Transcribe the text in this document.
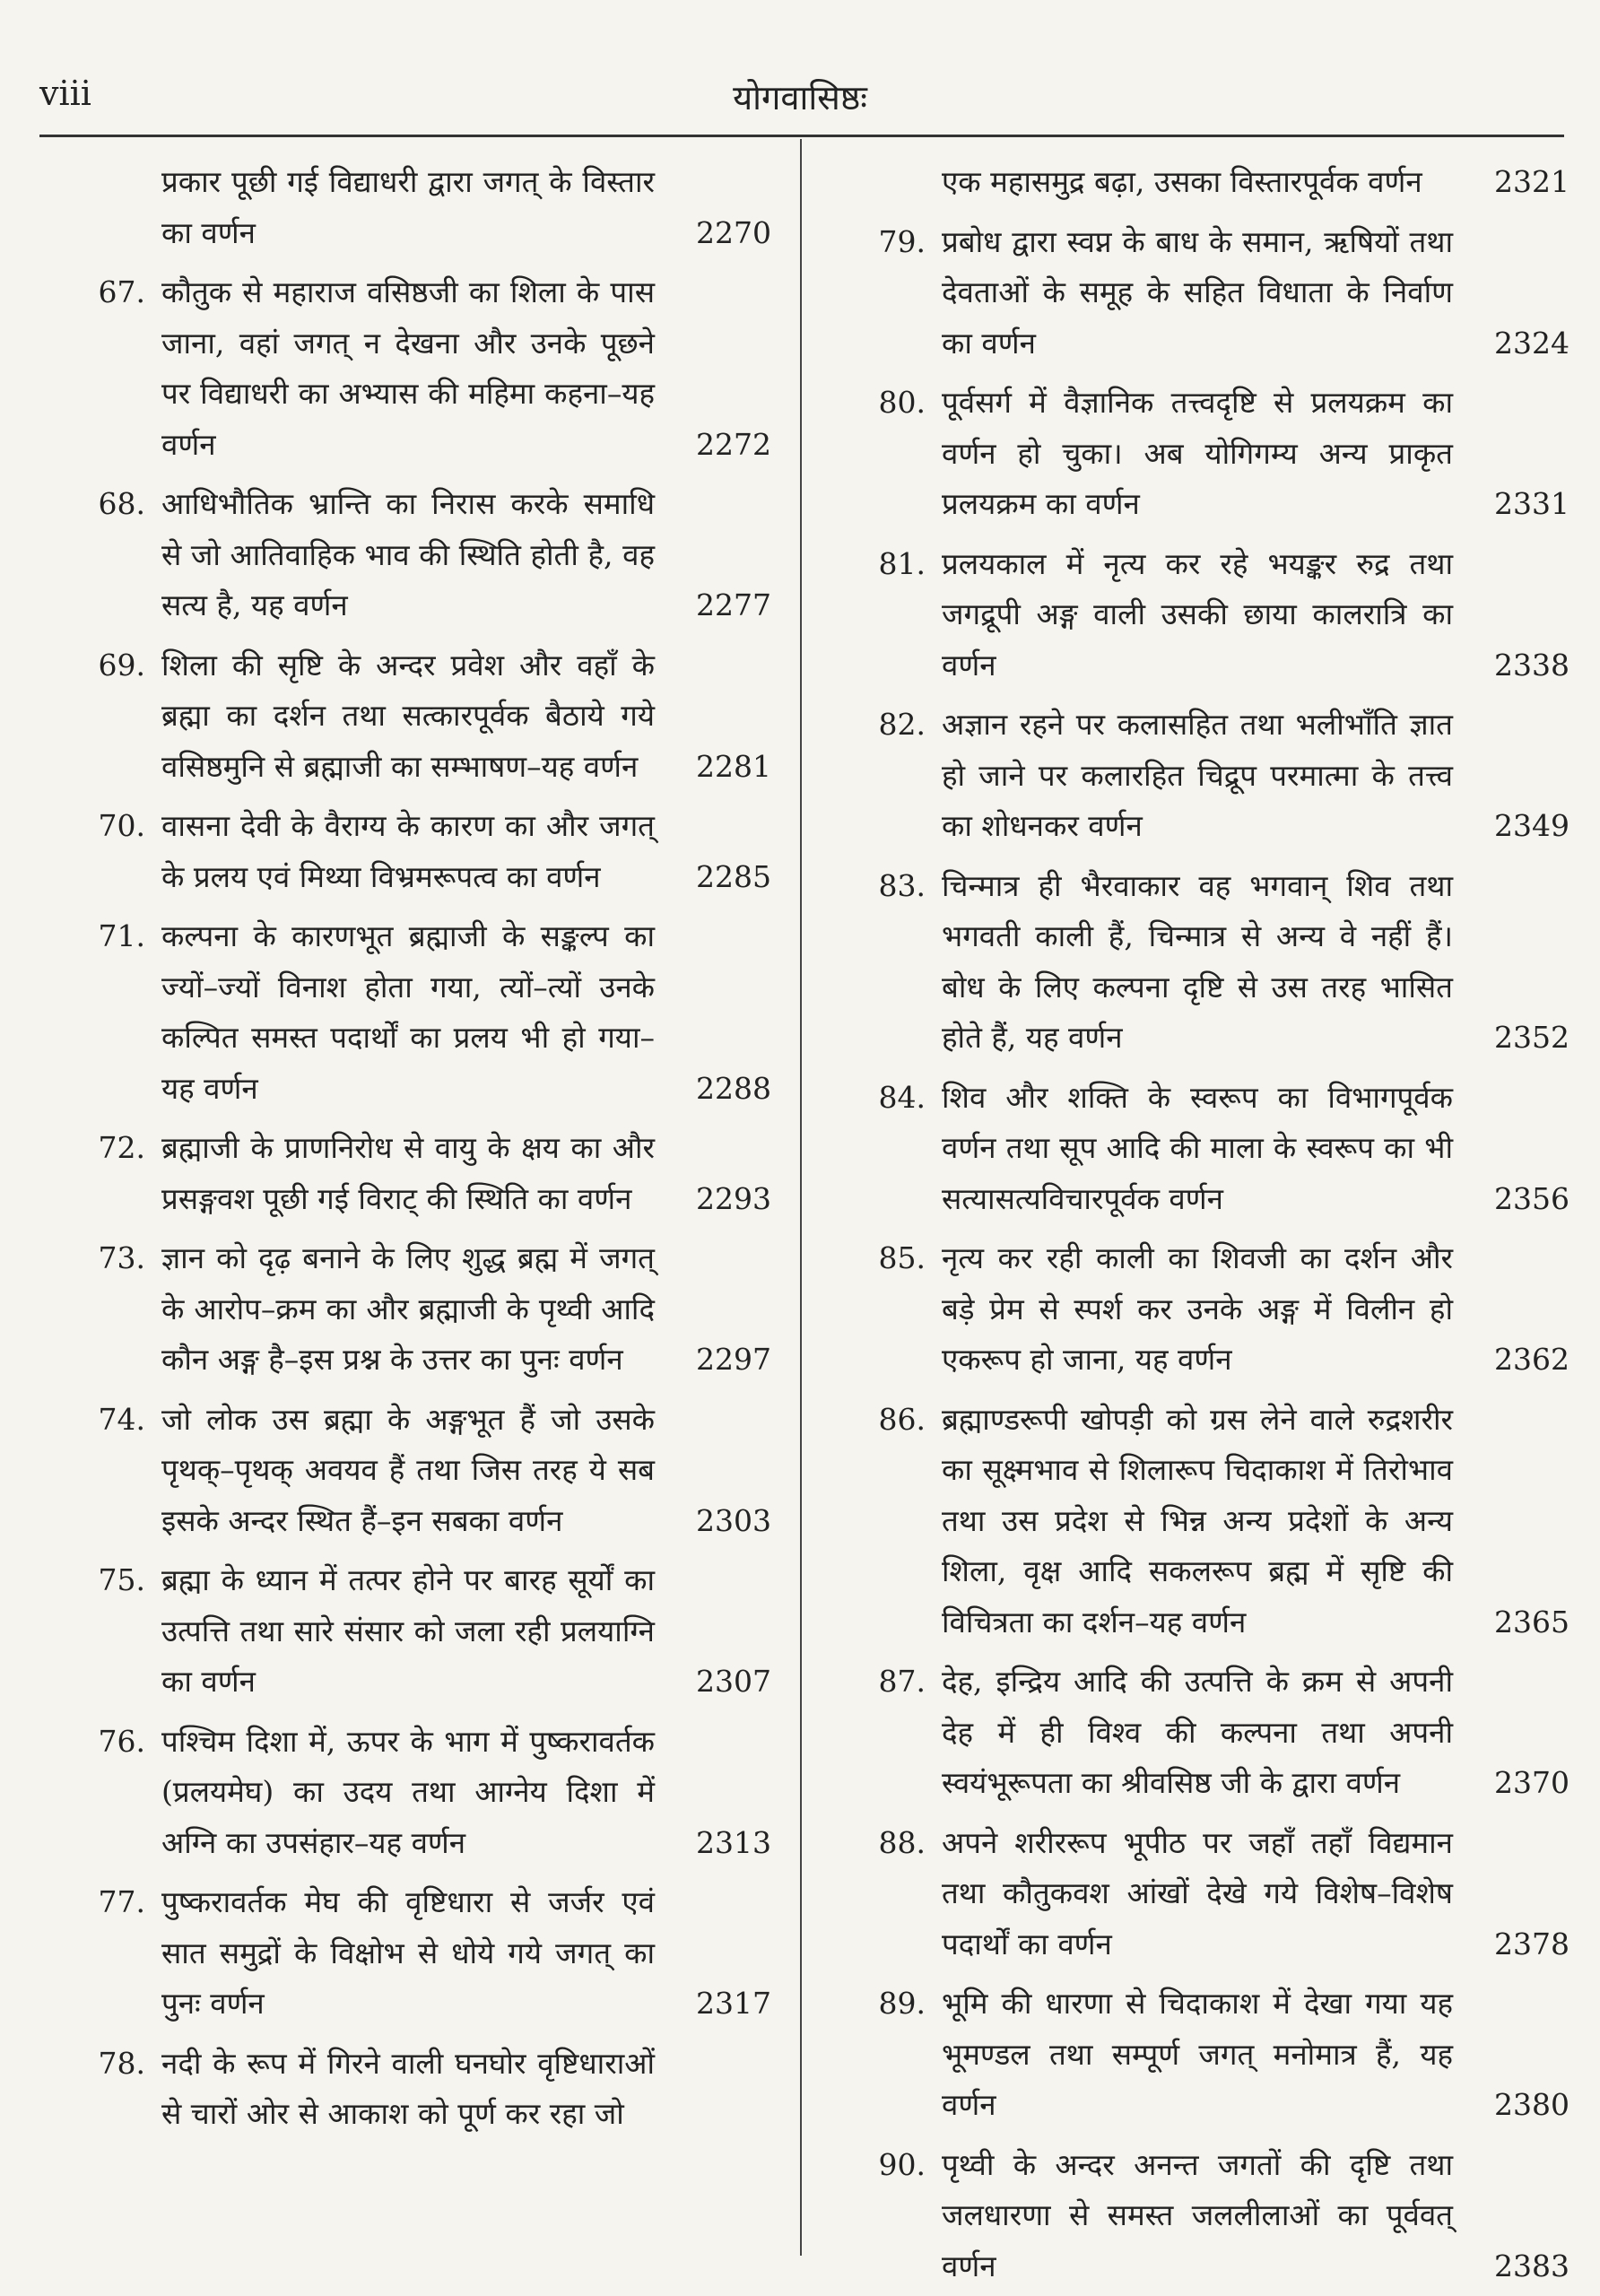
viii	योगवासिष्ठः
प्रकार पूछी गई विद्याधरी द्वारा जगत् के विस्तार का वर्णन	2270
67. कौतुक से महाराज वसिष्ठजी का शिला के पास जाना, वहां जगत् न देखना और उनके पूछने पर विद्याधरी का अभ्यास की महिमा कहना–यह वर्णन	2272
68. आधिभौतिक भ्रान्ति का निरास करके समाधि से जो आतिवाहिक भाव की स्थिति होती है, वह सत्य है, यह वर्णन	2277
69. शिला की सृष्टि के अन्दर प्रवेश और वहाँ के ब्रह्मा का दर्शन तथा सत्कारपूर्वक बैठाये गये वसिष्ठमुनि से ब्रह्माजी का सम्भाषण–यह वर्णन	2281
70. वासना देवी के वैराग्य के कारण का और जगत् के प्रलय एवं मिथ्या विभ्रमरूपत्व का वर्णन	2285
71. कल्पना के कारणभूत ब्रह्माजी के सङ्कल्प का ज्यों–ज्यों विनाश होता गया, त्यों–त्यों उनके कल्पित समस्त पदार्थों का प्रलय भी हो गया–यह वर्णन	2288
72. ब्रह्माजी के प्राणनिरोध से वायु के क्षय का और प्रसङ्गवश पूछी गई विराट् की स्थिति का वर्णन	2293
73. ज्ञान को दृढ़ बनाने के लिए शुद्ध ब्रह्म में जगत् के आरोप–क्रम का और ब्रह्माजी के पृथ्वी आदि कौन अङ्ग है–इस प्रश्न के उत्तर का पुनः वर्णन	2297
74. जो लोक उस ब्रह्मा के अङ्गभूत हैं जो उसके पृथक्–पृथक् अवयव हैं तथा जिस तरह ये सब इसके अन्दर स्थित हैं–इन सबका वर्णन	2303
75. ब्रह्मा के ध्यान में तत्पर होने पर बारह सूर्यों का उत्पत्ति तथा सारे संसार को जला रही प्रलयाग्नि का वर्णन	2307
76. पश्चिम दिशा में, ऊपर के भाग में पुष्करावर्तक (प्रलयमेघ) का उदय तथा आग्नेय दिशा में अग्नि का उपसंहार–यह वर्णन	2313
77. पुष्करावर्तक मेघ की वृष्टिधारा से जर्जर एवं सात समुद्रों के विक्षोभ से धोये गये जगत् का पुनः वर्णन	2317
78. नदी के रूप में गिरने वाली घनघोर वृष्टिधाराओं से चारों ओर से आकाश को पूर्ण कर रहा जो
एक महासमुद्र बढ़ा, उसका विस्तारपूर्वक वर्णन	2321
79. प्रबोध द्वारा स्वप्न के बाध के समान, ऋषियों तथा देवताओं के समूह के सहित विधाता के निर्वाण का वर्णन	2324
80. पूर्वसर्ग में वैज्ञानिक तत्त्वदृष्टि से प्रलयक्रम का वर्णन हो चुका। अब योगिगम्य अन्य प्राकृत प्रलयक्रम का वर्णन	2331
81. प्रलयकाल में नृत्य कर रहे भयङ्कर रुद्र तथा जगद्रूपी अङ्ग वाली उसकी छाया कालरात्रि का वर्णन	2338
82. अज्ञान रहने पर कलासहित तथा भलीभाँति ज्ञात हो जाने पर कलारहित चिद्रूप परमात्मा के तत्त्व का शोधनकर वर्णन	2349
83. चिन्मात्र ही भैरवाकार वह भगवान् शिव तथा भगवती काली हैं, चिन्मात्र से अन्य वे नहीं हैं। बोध के लिए कल्पना दृष्टि से उस तरह भासित होते हैं, यह वर्णन	2352
84. शिव और शक्ति के स्वरूप का विभागपूर्वक वर्णन तथा सूप आदि की माला के स्वरूप का भी सत्यासत्यविचारपूर्वक वर्णन	2356
85. नृत्य कर रही काली का शिवजी का दर्शन और बड़े प्रेम से स्पर्श कर उनके अङ्ग में विलीन हो एकरूप हो जाना, यह वर्णन	2362
86. ब्रह्माण्डरूपी खोपड़ी को ग्रस लेने वाले रुद्रशरीर का सूक्ष्मभाव से शिलारूप चिदाकाश में तिरोभाव तथा उस प्रदेश से भिन्न अन्य प्रदेशों के अन्य शिला, वृक्ष आदि सकलरूप ब्रह्म में सृष्टि की विचित्रता का दर्शन–यह वर्णन	2365
87. देह, इन्द्रिय आदि की उत्पत्ति के क्रम से अपनी देह में ही विश्व की कल्पना तथा अपनी स्वयंभूरूपता का श्रीवसिष्ठ जी के द्वारा वर्णन	2370
88. अपने शरीररूप भूपीठ पर जहाँ तहाँ विद्यमान तथा कौतुकवश आंखों देखे गये विशेष–विशेष पदार्थों का वर्णन	2378
89. भूमि की धारणा से चिदाकाश में देखा गया यह भूमण्डल तथा सम्पूर्ण जगत् मनोमात्र हैं, यह वर्णन	2380
90. पृथ्वी के अन्दर अनन्त जगतों की दृष्टि तथा जलधारणा से समस्त जललीलाओं का पूर्ववत् वर्णन	2383
